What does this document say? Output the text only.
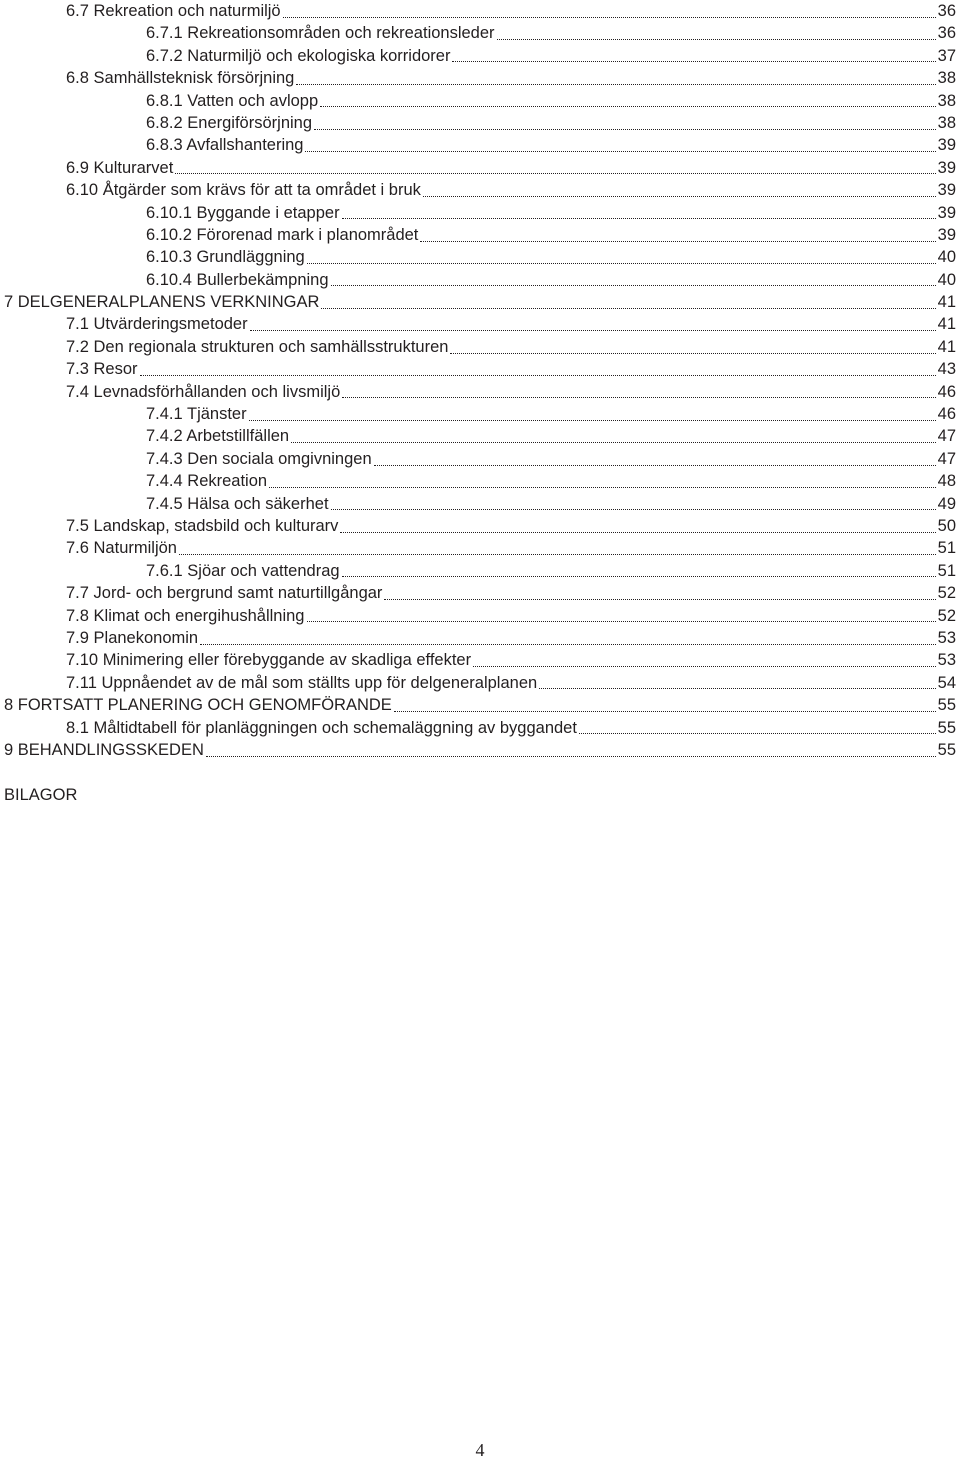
6.7 Rekreation och naturmiljö	36
6.7.1 Rekreationsområden och rekreationsleder	36
6.7.2 Naturmiljö och ekologiska korridorer	37
6.8 Samhällsteknisk försörjning	38
6.8.1 Vatten och avlopp	38
6.8.2 Energiförsörjning	38
6.8.3 Avfallshantering	39
6.9 Kulturarvet	39
6.10 Åtgärder som krävs för att ta området i bruk	39
6.10.1 Byggande i etapper	39
6.10.2 Förorenad mark i planområdet	39
6.10.3 Grundläggning	40
6.10.4 Bullerbekämpning	40
7 DELGENERALPLANENS VERKNINGAR	41
7.1 Utvärderingsmetoder	41
7.2 Den regionala strukturen och samhällsstrukturen	41
7.3 Resor	43
7.4 Levnadsförhållanden och livsmiljö	46
7.4.1 Tjänster	46
7.4.2 Arbetstillfällen	47
7.4.3 Den sociala omgivningen	47
7.4.4 Rekreation	48
7.4.5 Hälsa och säkerhet	49
7.5 Landskap, stadsbild och kulturarv	50
7.6 Naturmiljön	51
7.6.1 Sjöar och vattendrag	51
7.7 Jord- och bergrund samt naturtillgångar	52
7.8 Klimat och energihushållning	52
7.9 Planekonomin	53
7.10 Minimering eller förebyggande av skadliga effekter	53
7.11 Uppnåendet av de mål som ställts upp för delgeneralplanen	54
8 FORTSATT PLANERING OCH GENOMFÖRANDE	55
8.1 Måltidtabell för planläggningen och schemaläggning av byggandet	55
9 BEHANDLINGSSKEDEN	55
BILAGOR
4
